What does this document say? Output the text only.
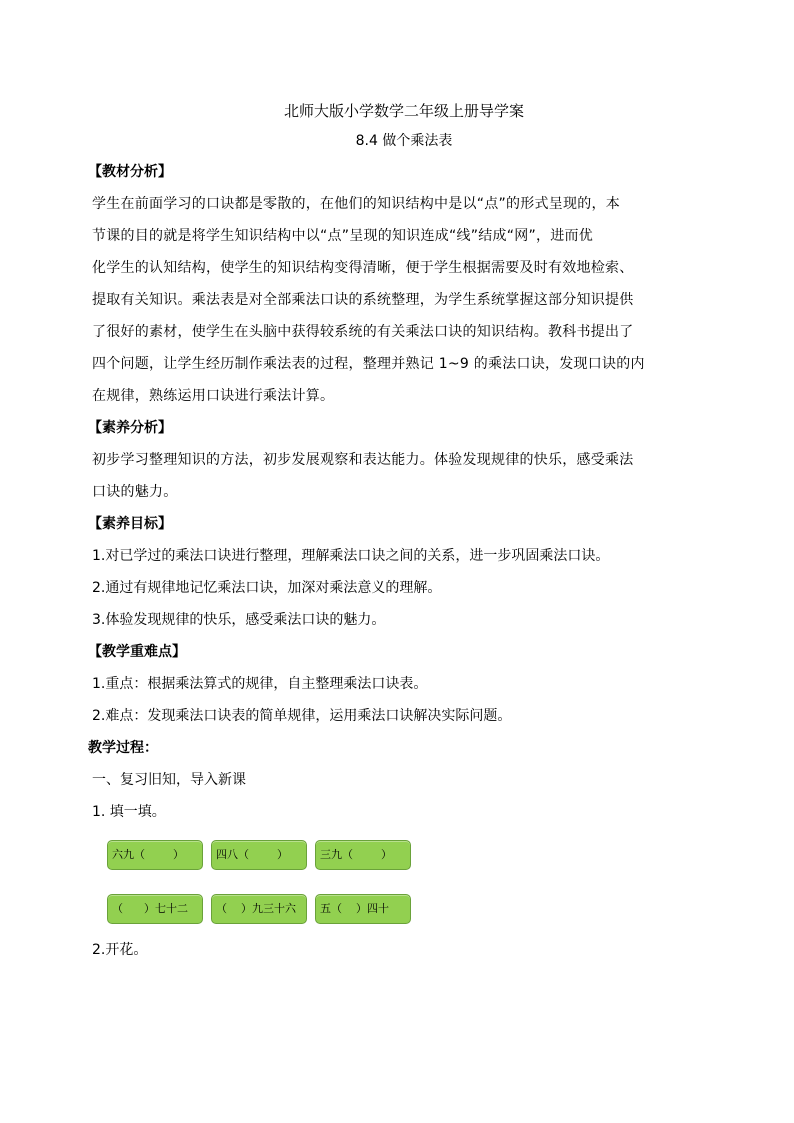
北师大版小学数学二年级上册导学案
8.4 做个乘法表
【教材分析】
学生在前面学习的口诀都是零散的，在他们的知识结构中是以“点”的形式呈现的，本
节课的目的就是将学生知识结构中以“点”呈现的知识连成“线”结成“网”，进而优
化学生的认知结构，使学生的知识结构变得清晰，便于学生根据需要及时有效地检索、
提取有关知识。乘法表是对全部乘法口诀的系统整理，为学生系统掌握这部分知识提供
了很好的素材，使学生在头脑中获得较系统的有关乘法口诀的知识结构。教科书提出了
四个问题，让学生经历制作乘法表的过程，整理并熟记 1~9 的乘法口诀，发现口诀的内
在规律，熟练运用口诀进行乘法计算。
【素养分析】
初步学习整理知识的方法，初步发展观察和表达能力。体验发现规律的快乐，感受乘法
口诀的魅力。
【素养目标】
1.对已学过的乘法口诀进行整理，理解乘法口诀之间的关系，进一步巩固乘法口诀。
2.通过有规律地记忆乘法口诀，加深对乘法意义的理解。
3.体验发现规律的快乐，感受乘法口诀的魅力。
【教学重难点】
1.重点：根据乘法算式的规律，自主整理乘法口诀表。
2.难点：发现乘法口诀表的简单规律，运用乘法口诀解决实际问题。
教学过程：
一、复习旧知，导入新课
1. 填一填。
六九（        ）	四八（        ）	三九（        ）
（      ）七十二	（    ）九三十六	五（    ）四十
2.开花。
